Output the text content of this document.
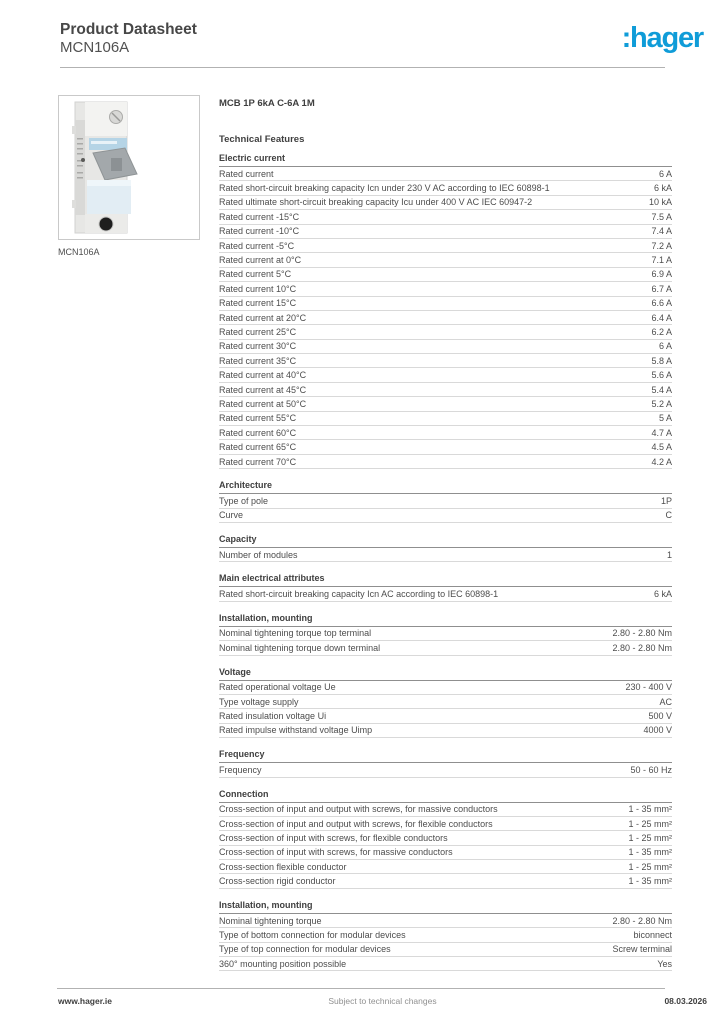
Product Datasheet
MCN106A	:hager
MCN106A
MCB 1P 6kA C-6A 1M
Technical Features
Electric current
Rated current	6 A
Rated short-circuit breaking capacity Icn under 230 V AC according to IEC 60898-1	6 kA
Rated ultimate short-circuit breaking capacity Icu under 400 V AC IEC 60947-2	10 kA
Rated current -15°C	7.5 A
Rated current -10°C	7.4 A
Rated current -5°C	7.2 A
Rated current at 0°C	7.1 A
Rated current 5°C	6.9 A
Rated current 10°C	6.7 A
Rated current 15°C	6.6 A
Rated current at 20°C	6.4 A
Rated current 25°C	6.2 A
Rated current 30°C	6 A
Rated current 35°C	5.8 A
Rated current at 40°C	5.6 A
Rated current at 45°C	5.4 A
Rated current at 50°C	5.2 A
Rated current 55°C	5 A
Rated current 60°C	4.7 A
Rated current 65°C	4.5 A
Rated current 70°C	4.2 A
Architecture
Type of pole	1P
Curve	C
Capacity
Number of modules	1
Main electrical attributes
Rated short-circuit breaking capacity Icn AC according to IEC 60898-1	6 kA
Installation, mounting
Nominal tightening torque top terminal	2.80 - 2.80 Nm
Nominal tightening torque down terminal	2.80 - 2.80 Nm
Voltage
Rated operational voltage Ue	230 - 400 V
Type voltage supply	AC
Rated insulation voltage Ui	500 V
Rated impulse withstand voltage Uimp	4000 V
Frequency
Frequency	50 - 60 Hz
Connection
Cross-section of input and output with screws, for massive conductors	1 - 35 mm²
Cross-section of input and output with screws, for flexible conductors	1 - 25 mm²
Cross-section of input with screws, for flexible conductors	1 - 25 mm²
Cross-section of input with screws, for massive conductors	1 - 35 mm²
Cross-section flexible conductor	1 - 25 mm²
Cross-section rigid conductor	1 - 35 mm²
Installation, mounting
Nominal tightening torque	2.80 - 2.80 Nm
Type of bottom connection for modular devices	biconnect
Type of top connection for modular devices	Screw terminal
360° mounting position possible	Yes
www.hager.ie	Subject to technical changes	08.03.2026
